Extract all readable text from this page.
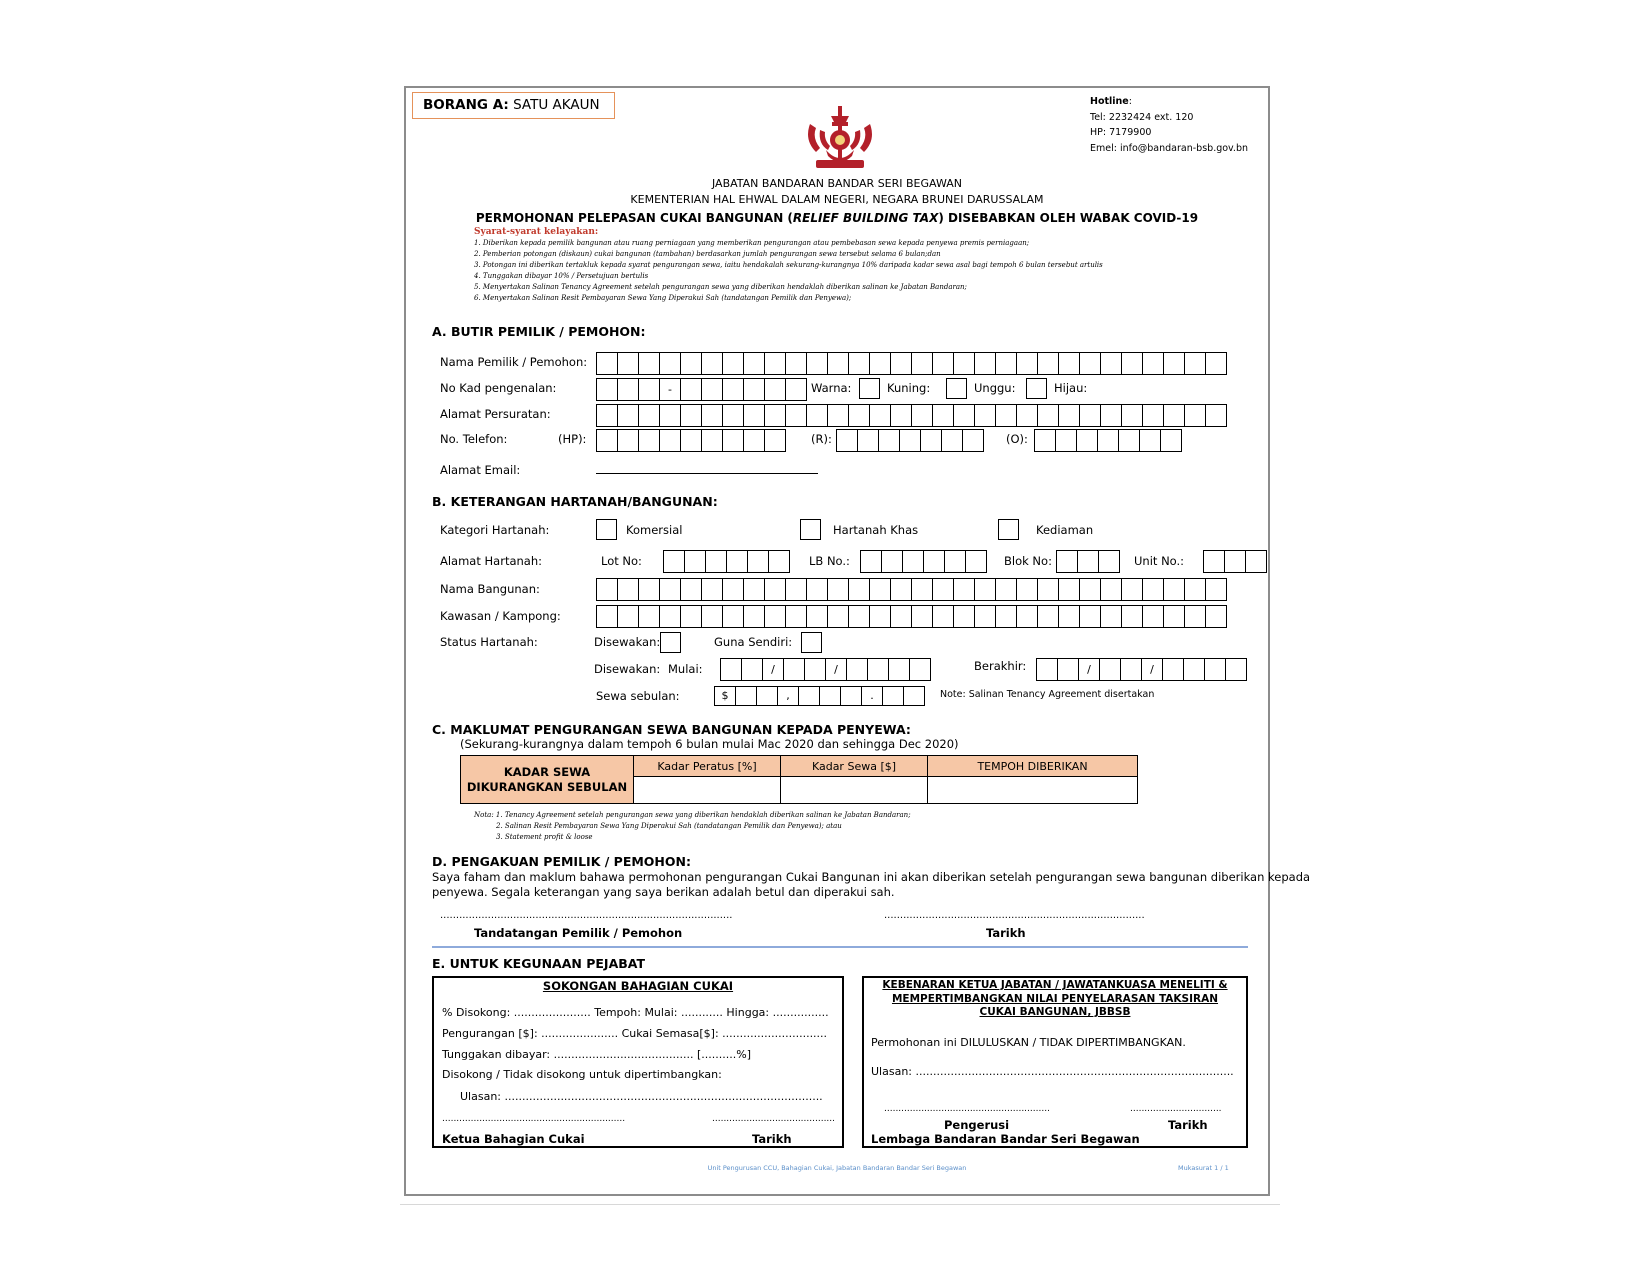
BORANG A: SATU AKAUN	Hotline:
Tel: 2232424 ext. 120
HP: 7179900
Emel: info@bandaran-bsb.gov.bn
JABATAN BANDARAN BANDAR SERI BEGAWAN
KEMENTERIAN HAL EHWAL DALAM NEGERI, NEGARA BRUNEI DARUSSALAM
PERMOHONAN PELEPASAN CUKAI BANGUNAN (RELIEF BUILDING TAX) DISEBABKAN OLEH WABAK COVID-19
Syarat-syarat kelayakan:
1. Diberikan kepada pemilik bangunan atau ruang perniagaan yang memberikan pengurangan atau pembebasan sewa kepada penyewa premis perniagaan;
2. Pemberian potongan (diskaun) cukai bangunan (tambahan) berdasarkan jumlah pengurangan sewa tersebut selama 6 bulan;dan
3. Potongan ini diberikan tertakluk kepada syarat pengurangan sewa, iaitu hendakalah sekurang-kurangnya 10% daripada kadar sewa asal bagi tempoh 6 bulan tersebut artulis
4. Tunggakan dibayar 10% / Persetujuan bertulis
5. Menyertakan Salinan Tenancy Agreement setelah pengurangan sewa yang diberikan hendaklah diberikan salinan ke Jabatan Bandaran;
6. Menyertakan Salinan Resit Pembayaran Sewa Yang Diperakui Sah (tandatangan Pemilik dan Penyewa);
A. BUTIR PEMILIK / PEMOHON:
Nama Pemilik / Pemohon:
No Kad pengenalan:	-	Warna:	Kuning:	Unggu:	Hijau:
Alamat Persuratan:
No. Telefon:	(HP):	(R):	(O):
Alamat Email:
B. KETERANGAN HARTANAH/BANGUNAN:
Kategori Hartanah:	Komersial	Hartanah Khas	Kediaman
Alamat Hartanah:	Lot No:	LB No.:	Blok No:	Unit No.:
Nama Bangunan:
Kawasan / Kampong:
Status Hartanah:	Disewakan:	Guna Sendiri:
Disewakan: Mulai:	/	/	Berakhir:	/	/
Sewa sebulan:	$	,	.	Note: Salinan Tenancy Agreement disertakan
C. MAKLUMAT PENGURANGAN SEWA BANGUNAN KEPADA PENYEWA:
(Sekurang-kurangnya dalam tempoh 6 bulan mulai Mac 2020 dan sehingga Dec 2020)
KADAR SEWA
DIKURANGKAN SEBULAN	Kadar Peratus [%]	Kadar Sewa [$]	TEMPOH DIBERIKAN

Nota: 1. Tenancy Agreement setelah pengurangan sewa yang diberikan hendaklah diberikan salinan ke Jabatan Bandaran;
2. Salinan Resit Pembayaran Sewa Yang Diperakui Sah (tandatangan Pemilik dan Penyewa); atau
3. Statement profit & loose
D. PENGAKUAN PEMILIK / PEMOHON:
Saya faham dan maklum bahawa permohonan pengurangan Cukai Bangunan ini akan diberikan setelah pengurangan sewa bangunan diberikan kepada
penyewa. Segala keterangan yang saya berikan adalah betul dan diperakui sah.
............................................................................................	..................................................................................
Tandatangan Pemilik / Pemohon	Tarikh
E. UNTUK KEGUNAAN PEJABAT
SOKONGAN BAHAGIAN CUKAI
% Disokong: ...................... Tempoh: Mulai: ............ Hingga: ................
Pengurangan [$]: ...................... Cukai Semasa[$]: ..............................
Tunggakan dibayar: ........................................ [..........%]
Disokong / Tidak disokong untuk dipertimbangkan:
Ulasan: ...........................................................................................
................................................................	...........................................
Ketua Bahagian Cukai	Tarikh
KEBENARAN KETUA JABATAN / JAWATANKUASA MENELITI &
MEMPERTIMBANGKAN NILAI PENYELARASAN TAKSIRAN
CUKAI BANGUNAN, JBBSB
Permohonan ini DILULUSKAN / TIDAK DIPERTIMBANGKAN.
Ulasan: ...........................................................................................
..........................................................	................................
Pengerusi	Tarikh
Lembaga Bandaran Bandar Seri Begawan
Unit Pengurusan CCU, Bahagian Cukai, Jabatan Bandaran Bandar Seri Begawan	Mukasurat 1 / 1
